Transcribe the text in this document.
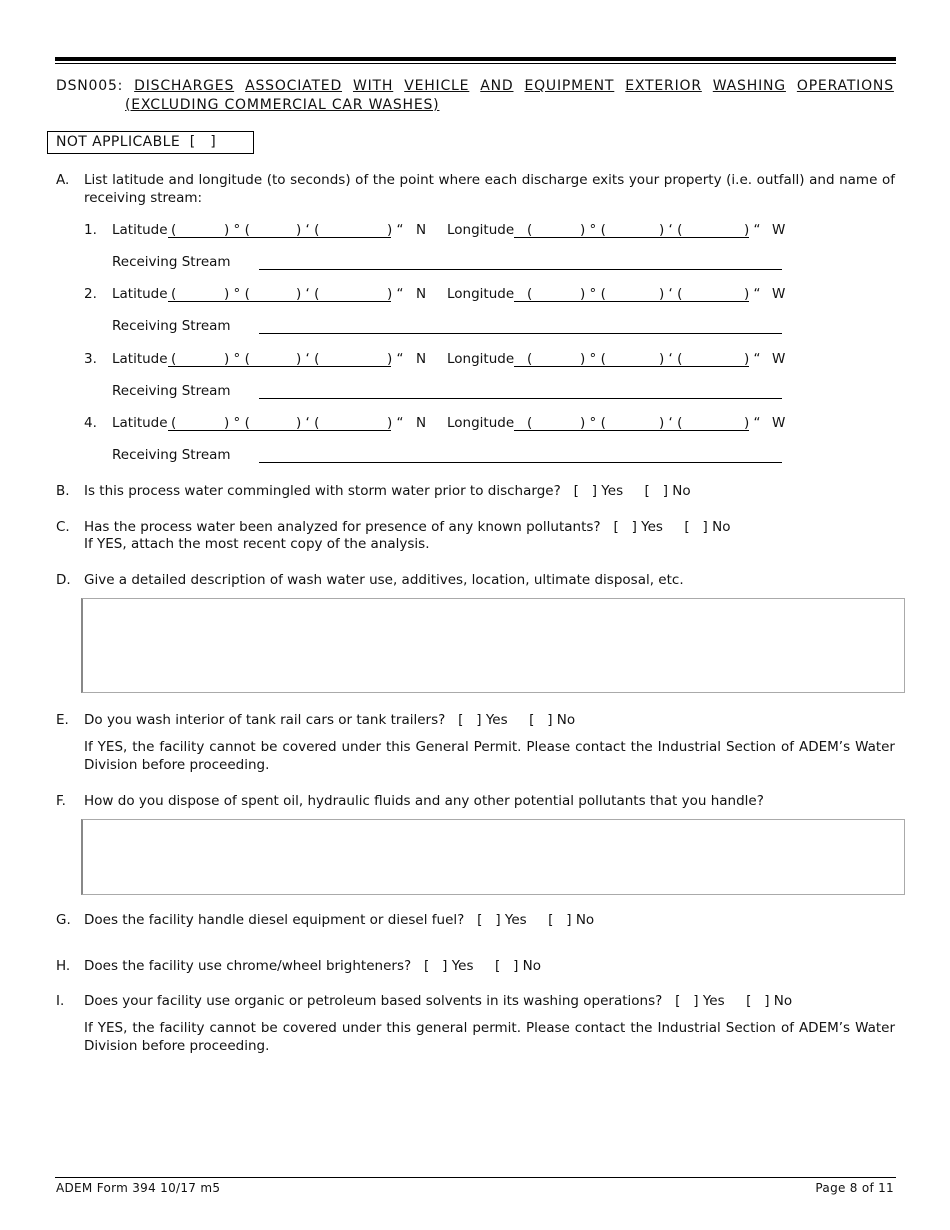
DSN005: DISCHARGES ASSOCIATED WITH VEHICLE AND EQUIPMENT EXTERIOR WASHING OPERATIONS
(EXCLUDING COMMERCIAL CAR WASHES)
NOT APPLICABLE  [   ]
A. List latitude and longitude (to seconds) of the point where each discharge exits your property (i.e. outfall) and name of receiving stream:
1. Latitude (	) ° (	) ‘ (	) “ N Longitude (	) ° (	) ‘ (	) “ W
Receiving Stream
2. Latitude (	) ° (	) ‘ (	) “ N Longitude (	) ° (	) ‘ (	) “ W
Receiving Stream
3. Latitude (	) ° (	) ‘ (	) “ N Longitude (	) ° (	) ‘ (	) “ W
Receiving Stream
4. Latitude (	) ° (	) ‘ (	) “ N Longitude (	) ° (	) ‘ (	) “ W
Receiving Stream
B. Is this process water commingled with storm water prior to discharge?   [   ] Yes     [   ] No
C. Has the process water been analyzed for presence of any known pollutants?   [   ] Yes     [   ] No
If YES, attach the most recent copy of the analysis.
D. Give a detailed description of wash water use, additives, location, ultimate disposal, etc.
E. Do you wash interior of tank rail cars or tank trailers?   [   ] Yes     [   ] No
If YES, the facility cannot be covered under this General Permit. Please contact the Industrial Section of ADEM’s Water Division before proceeding.
F. How do you dispose of spent oil, hydraulic fluids and any other potential pollutants that you handle?
G. Does the facility handle diesel equipment or diesel fuel?   [   ] Yes     [   ] No
H. Does the facility use chrome/wheel brighteners?   [   ] Yes     [   ] No
I. Does your facility use organic or petroleum based solvents in its washing operations?   [   ] Yes     [   ] No
If YES, the facility cannot be covered under this general permit. Please contact the Industrial Section of ADEM’s Water Division before proceeding.
ADEM Form 394 10/17 m5	Page 8 of 11
